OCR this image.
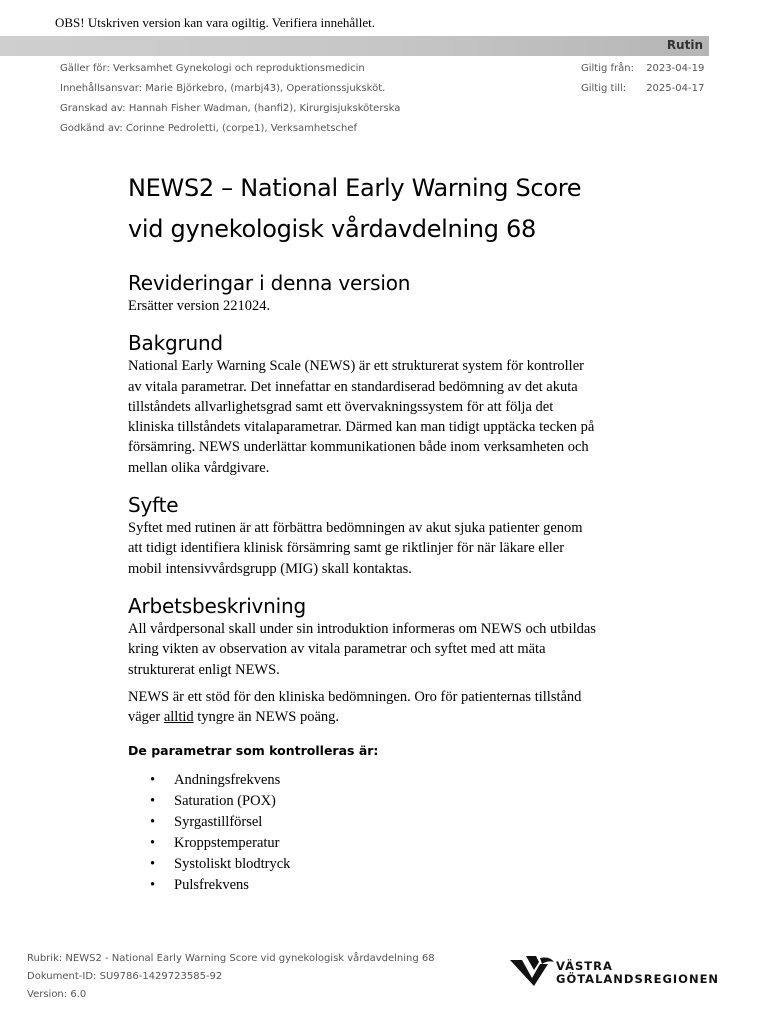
OBS! Utskriven version kan vara ogiltig. Verifiera innehållet.
Rutin
Gäller för: Verksamhet Gynekologi och reproduktionsmedicin
Innehållsansvar: Marie Björkebro, (marbj43), Operationssjuksköt.
Granskad av: Hannah Fisher Wadman, (hanfi2), Kirurgisjuksköterska
Godkänd av: Corinne Pedroletti, (corpe1), Verksamhetschef
Giltig från: 2023-04-19
Giltig till: 2025-04-17
NEWS2 – National Early Warning Score
vid gynekologisk vårdavdelning 68
Revideringar i denna version

Ersätter version 221024.

Bakgrund

National Early Warning Scale (NEWS) är ett strukturerat system för kontroller av vitala parametrar. Det innefattar en standardiserad bedömning av det akuta tillståndets allvarlighetsgrad samt ett övervakningssystem för att följa det kliniska tillståndets vitalaparametrar. Därmed kan man tidigt upptäcka tecken på försämring. NEWS underlättar kommunikationen både inom verksamheten och mellan olika vårdgivare.

Syfte

Syftet med rutinen är att förbättra bedömningen av akut sjuka patienter genom att tidigt identifiera klinisk försämring samt ge riktlinjer för när läkare eller mobil intensivvårdsgrupp (MIG) skall kontaktas.

Arbetsbeskrivning

All vårdpersonal skall under sin introduktion informeras om NEWS och utbildas kring vikten av observation av vitala parametrar och syftet med att mäta strukturerat enligt NEWS.

NEWS är ett stöd för den kliniska bedömningen. Oro för patienternas tillstånd väger alltid tyngre än NEWS poäng.

De parametrar som kontrolleras är:
• Andningsfrekvens
• Saturation (POX)
• Syrgastillförsel
• Kroppstemperatur
• Systoliskt blodtryck
• Pulsfrekvens
Rubrik: NEWS2 - National Early Warning Score vid gynekologisk vårdavdelning 68
Dokument-ID: SU9786-1429723585-92
Version: 6.0
VÄSTRA
GÖTALANDSREGIONEN
